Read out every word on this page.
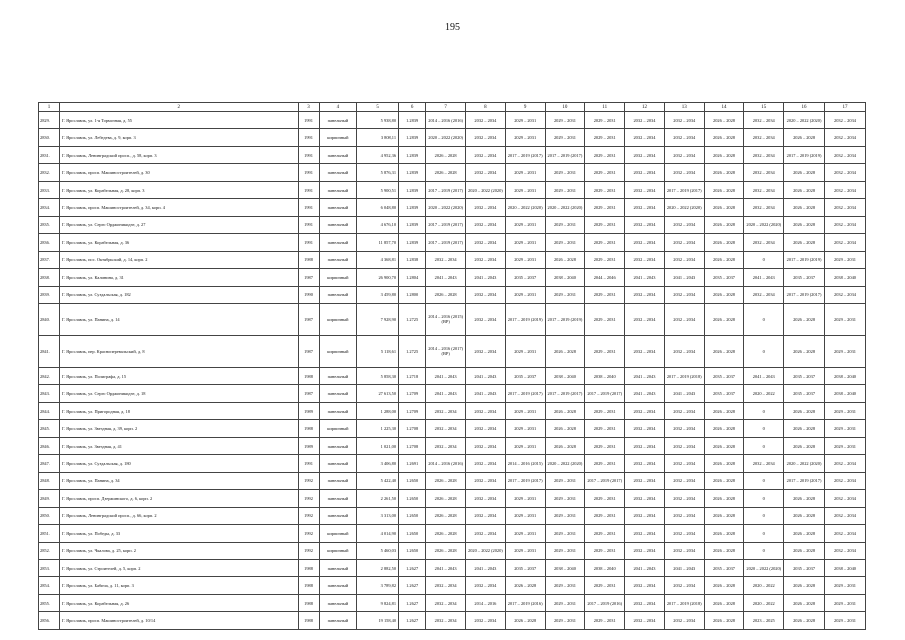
195
1	2	3	4	5	6	7	8	9	10	11	12	13	14	15	16	17
2829.	Г. Ярославль, ул. 1-я Тормозная, д. 55	1991	панельный	5 938,80	1.2839	2014 – 2016 (2016)	2032 – 2034	2029 – 2031	2029 – 2031	2029 – 2031	2032 – 2034	2032 – 2034	2026 – 2028	2032 – 2034	2020 – 2022 (2020)	2032 – 2034
2830.	Г. Ярославль, ул. Лебедева, д. 9, корп. 3	1991	кирпичный	3 808,11	1.2839	2020 – 2022 (2020)	2032 – 2034	2029 – 2031	2029 – 2031	2029 – 2031	2032 – 2034	2032 – 2034	2026 – 2028	2032 – 2034	2026 – 2028	2032 – 2034
2831.	Г. Ярославль, Ленинградский просп., д. 58, корп. 3	1991	панельный	4 952,36	1.2839	2026 – 2028	2032 – 2034	2017 – 2019 (2017)	2017 – 2019 (2017)	2029 – 2031	2032 – 2034	2032 – 2034	2026 – 2028	2032 – 2034	2017 – 2019 (2019)	2032 – 2034
2832.	Г. Ярославль, просп. Машиностроителей, д. 30	1991	панельный	5 876,31	1.2839	2026 – 2028	2032 – 2034	2029 – 2031	2029 – 2031	2029 – 2031	2032 – 2034	2032 – 2034	2026 – 2028	2032 – 2034	2026 – 2028	2032 – 2034
2833.	Г. Ярославль, ул. Корабельная, д. 28, корп. 3	1991	панельный	5 900,51	1.2839	2017 – 2019 (2017)	2020 – 2022 (2020)	2029 – 2031	2029 – 2031	2029 – 2031	2032 – 2034	2017 – 2019 (2017)	2026 – 2028	2032 – 2034	2026 – 2028	2032 – 2034
2834.	Г. Ярославль, просп. Машиностроителей, д. 34, корп. 4	1991	панельный	6 048,80	1.2839	2020 – 2022 (2020)	2032 – 2034	2020 – 2022 (2020)	2020 – 2022 (2020)	2029 – 2031	2032 – 2034	2020 – 2022 (2020)	2026 – 2028	2032 – 2034	2026 – 2028	2032 – 2034
2835.	Г. Ярославль, ул. Серго Орджоникидзе, д. 27	1991	панельный	4 676,10	1.2839	2017 – 2019 (2017)	2032 – 2034	2029 – 2031	2029 – 2031	2029 – 2031	2032 – 2034	2032 – 2034	2026 – 2028	2020 – 2022 (2020)	2026 – 2028	2032 – 2034
2836.	Г. Ярославль, ул. Корабельная, д. 36	1991	панельный	11 857,70	1.2839	2017 – 2019 (2017)	2032 – 2034	2029 – 2031	2029 – 2031	2029 – 2031	2032 – 2034	2032 – 2034	2026 – 2028	2032 – 2034	2026 – 2028	2032 – 2034
2837.	Г. Ярославль, пос. Октябрьский, д. 14, корп. 2	1988	панельный	4 368,81	1.2838	2032 – 2034	2032 – 2034	2029 – 2031	2026 – 2028	2029 – 2031	2032 – 2034	2032 – 2034	2026 – 2028	0	2017 – 2019 (2019)	2029 – 2031
2838.	Г. Ярославль, ул. Калинина, д. 31	1987	кирпичный	26 900,70	1.2804	2041 – 2043	2041 – 2043	2035 – 2037	2038 – 2040	2044 – 2046	2041 – 2043	2041 – 2043	2035 – 2037	2041 – 2043	2035 – 2037	2038 – 2040
2839.	Г. Ярославль, ул. Суздальская, д. 182	1990	панельный	3 459,80	1.2800	2026 – 2028	2032 – 2034	2029 – 2031	2029 – 2031	2029 – 2031	2032 – 2034	2032 – 2034	2026 – 2028	2032 – 2034	2017 – 2019 (2017)	2032 – 2034
2840.	Г. Ярославль, ул. Панина, д. 14	1987	кирпичный	7 928,90	1.2725	2014 – 2016 (2015) (ВР)	2032 – 2034	2017 – 2019 (2019)	2017 – 2019 (2019)	2029 – 2031	2032 – 2034	2032 – 2034	2026 – 2028	0	2026 – 2028	2029 – 2031
2841.	Г. Ярославль, пер. Красноперевальский, д. 8	1987	кирпичный	5 118,61	1.2725	2014 – 2016 (2017) (ВР)	2032 – 2034	2029 – 2031	2026 – 2028	2029 – 2031	2032 – 2034	2032 – 2034	2026 – 2028	0	2026 – 2028	2029 – 2031
2842.	Г. Ярославль, ул. Полиграфа, д. 15	1988	панельный	5 858,30	1.2718	2041 – 2043	2041 – 2043	2035 – 2037	2038 – 2040	2038 – 2040	2041 – 2043	2017 – 2019 (2018)	2035 – 2037	2041 – 2043	2035 – 2037	2038 – 2040
2843.	Г. Ярославль, ул. Серго Орджоникидзе, д. 18	1987	панельный	27 613,50	1.2709	2041 – 2043	2041 – 2043	2017 – 2019 (2017)	2017 – 2019 (2017)	2017 – 2019 (2017)	2041 – 2043	2041 – 2043	2035 – 2037	2020 – 2022	2035 – 2037	2038 – 2040
2844.	Г. Ярославль, ул. Пригородная, д. 18	1989	панельный	1 288,00	1.2709	2032 – 2034	2032 – 2034	2029 – 2031	2026 – 2028	2029 – 2031	2032 – 2034	2032 – 2034	2026 – 2028	0	2026 – 2028	2029 – 2031
2845.	Г. Ярославль, ул. Звездная, д. 39, корп. 2	1988	кирпичный	1 225,30	1.2708	2032 – 2034	2032 – 2034	2029 – 2031	2026 – 2028	2029 – 2031	2032 – 2034	2032 – 2034	2026 – 2028	0	2026 – 2028	2029 – 2031
2846.	Г. Ярославль, ул. Звездная, д. 41	1989	панельный	1 021,00	1.2708	2032 – 2034	2032 – 2034	2029 – 2031	2026 – 2028	2029 – 2031	2032 – 2034	2032 – 2034	2026 – 2028	0	2026 – 2028	2029 – 2031
2847.	Г. Ярославль, ул. Суздальская, д. 180	1991	панельный	3 406,80	1.2691	2014 – 2016 (2016)	2032 – 2034	2014 – 2016 (2015)	2020 – 2022 (2020)	2029 – 2031	2032 – 2034	2032 – 2034	2026 – 2028	2032 – 2034	2020 – 2022 (2020)	2032 – 2034
2848.	Г. Ярославль, ул. Панина, д. 34	1992	панельный	5 422,40	1.2650	2026 – 2028	2032 – 2034	2017 – 2019 (2017)	2029 – 2031	2017 – 2019 (2017)	2032 – 2034	2032 – 2034	2026 – 2028	0	2017 – 2019 (2017)	2032 – 2034
2849.	Г. Ярославль, просп. Дзержинского, д. 6, корп. 2	1992	панельный	2 261,50	1.2650	2026 – 2028	2032 – 2034	2029 – 2031	2029 – 2031	2029 – 2031	2032 – 2034	2032 – 2034	2026 – 2028	0	2026 – 2028	2032 – 2034
2850.	Г. Ярославль, Ленинградский просп., д. 66, корп. 2	1992	панельный	3 313,00	1.2650	2026 – 2028	2032 – 2034	2029 – 2031	2029 – 2031	2029 – 2031	2032 – 2034	2032 – 2034	2026 – 2028	0	2026 – 2028	2032 – 2034
2851.	Г. Ярославль, ул. Победы, д. 33	1992	кирпичный	4 014,90	1.2650	2026 – 2028	2032 – 2034	2029 – 2031	2029 – 2031	2029 – 2031	2032 – 2034	2032 – 2034	2026 – 2028	0	2026 – 2028	2032 – 2034
2852.	Г. Ярославль, ул. Чкалова, д. 25, корп. 2	1992	кирпичный	5 460,03	1.2650	2026 – 2028	2020 – 2022 (2020)	2029 – 2031	2029 – 2031	2029 – 2031	2032 – 2034	2032 – 2034	2026 – 2028	0	2026 – 2028	2032 – 2034
2853.	Г. Ярославль, ул. Строителей, д. 5, корп. 2	1988	панельный	2 882,50	1.2627	2041 – 2043	2041 – 2043	2035 – 2037	2038 – 2040	2038 – 2040	2041 – 2043	2041 – 2043	2035 – 2037	2020 – 2022 (2020)	2035 – 2037	2038 – 2040
2854.	Г. Ярославль, ул. Бабича, д. 11, корп. 3	1988	панельный	3 789,82	1.2627	2032 – 2034	2032 – 2034	2026 – 2028	2029 – 2031	2029 – 2031	2032 – 2034	2032 – 2034	2026 – 2028	2020 – 2022	2026 – 2028	2029 – 2031
2855.	Г. Ярославль, ул. Корабельная, д. 26	1988	панельный	9 824,81	1.2627	2032 – 2034	2014 – 2016	2017 – 2019 (2016)	2029 – 2031	2017 – 2019 (2016)	2032 – 2034	2017 – 2019 (2018)	2026 – 2028	2020 – 2022	2026 – 2028	2029 – 2031
2856.	Г. Ярославль, просп. Машиностроителей, д. 10/14	1988	панельный	19 158,40	1.2627	2032 – 2034	2032 – 2034	2026 – 2028	2029 – 2031	2029 – 2031	2032 – 2034	2032 – 2034	2026 – 2028	2023 – 2025	2026 – 2028	2029 – 2031
